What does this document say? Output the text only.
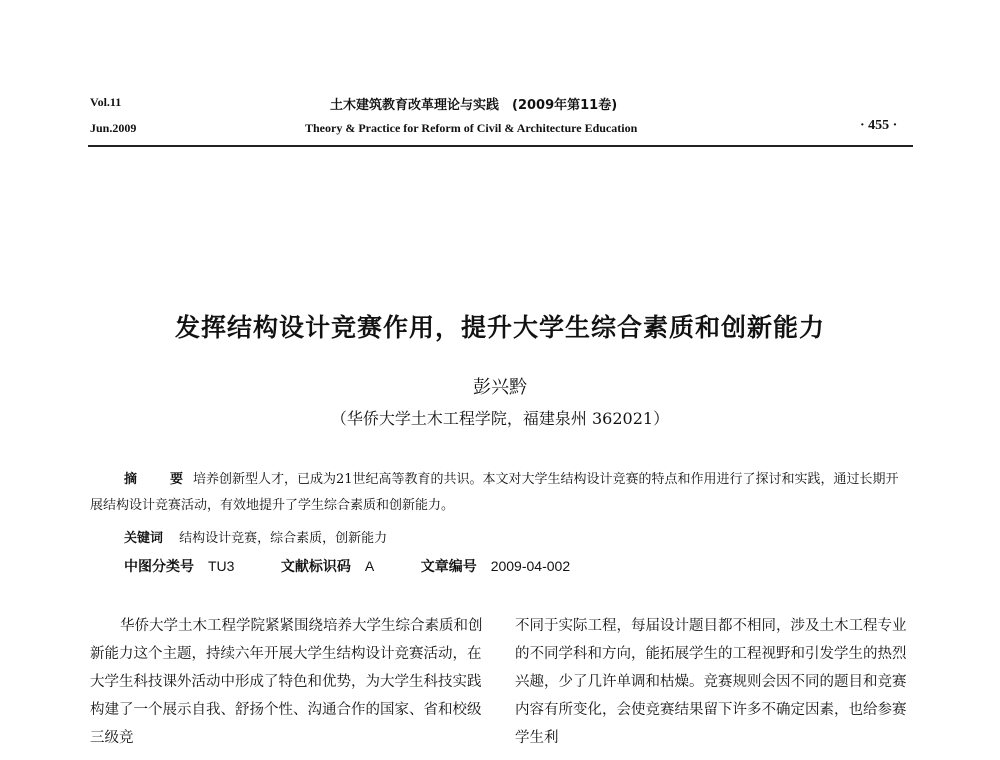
Vol.11
Jun.2009
土木建筑教育改革理论与实践　(2009年第11卷)
Theory & Practice for Reform of Civil & Architecture Education	· 455 ·
发挥结构设计竞赛作用，提升大学生综合素质和创新能力
彭兴黔
（华侨大学土木工程学院，福建泉州 362021）

摘　要培养创新型人才，已成为21世纪高等教育的共识。本文对大学生结构设计竞赛的特点和作用进行了探讨和实践，通过长期开展结构设计竞赛活动，有效地提升了学生综合素质和创新能力。

关键词 结构设计竞赛，综合素质，创新能力
中图分类号 TU3	文献标识码 A	文章编号 2009-04-002

华侨大学土木工程学院紧紧围绕培养大学生综合素质和创新能力这个主题，持续六年开展大学生结构设计竞赛活动，在大学生科技课外活动中形成了特色和优势，为大学生科技实践构建了一个展示自我、舒扬个性、沟通合作的国家、省和校级三级竞

不同于实际工程，每届设计题目都不相同，涉及土木工程专业的不同学科和方向，能拓展学生的工程视野和引发学生的热烈兴趣，少了几许单调和枯燥。竞赛规则会因不同的题目和竞赛内容有所变化，会使竞赛结果留下许多不确定因素，也给参赛学生利
